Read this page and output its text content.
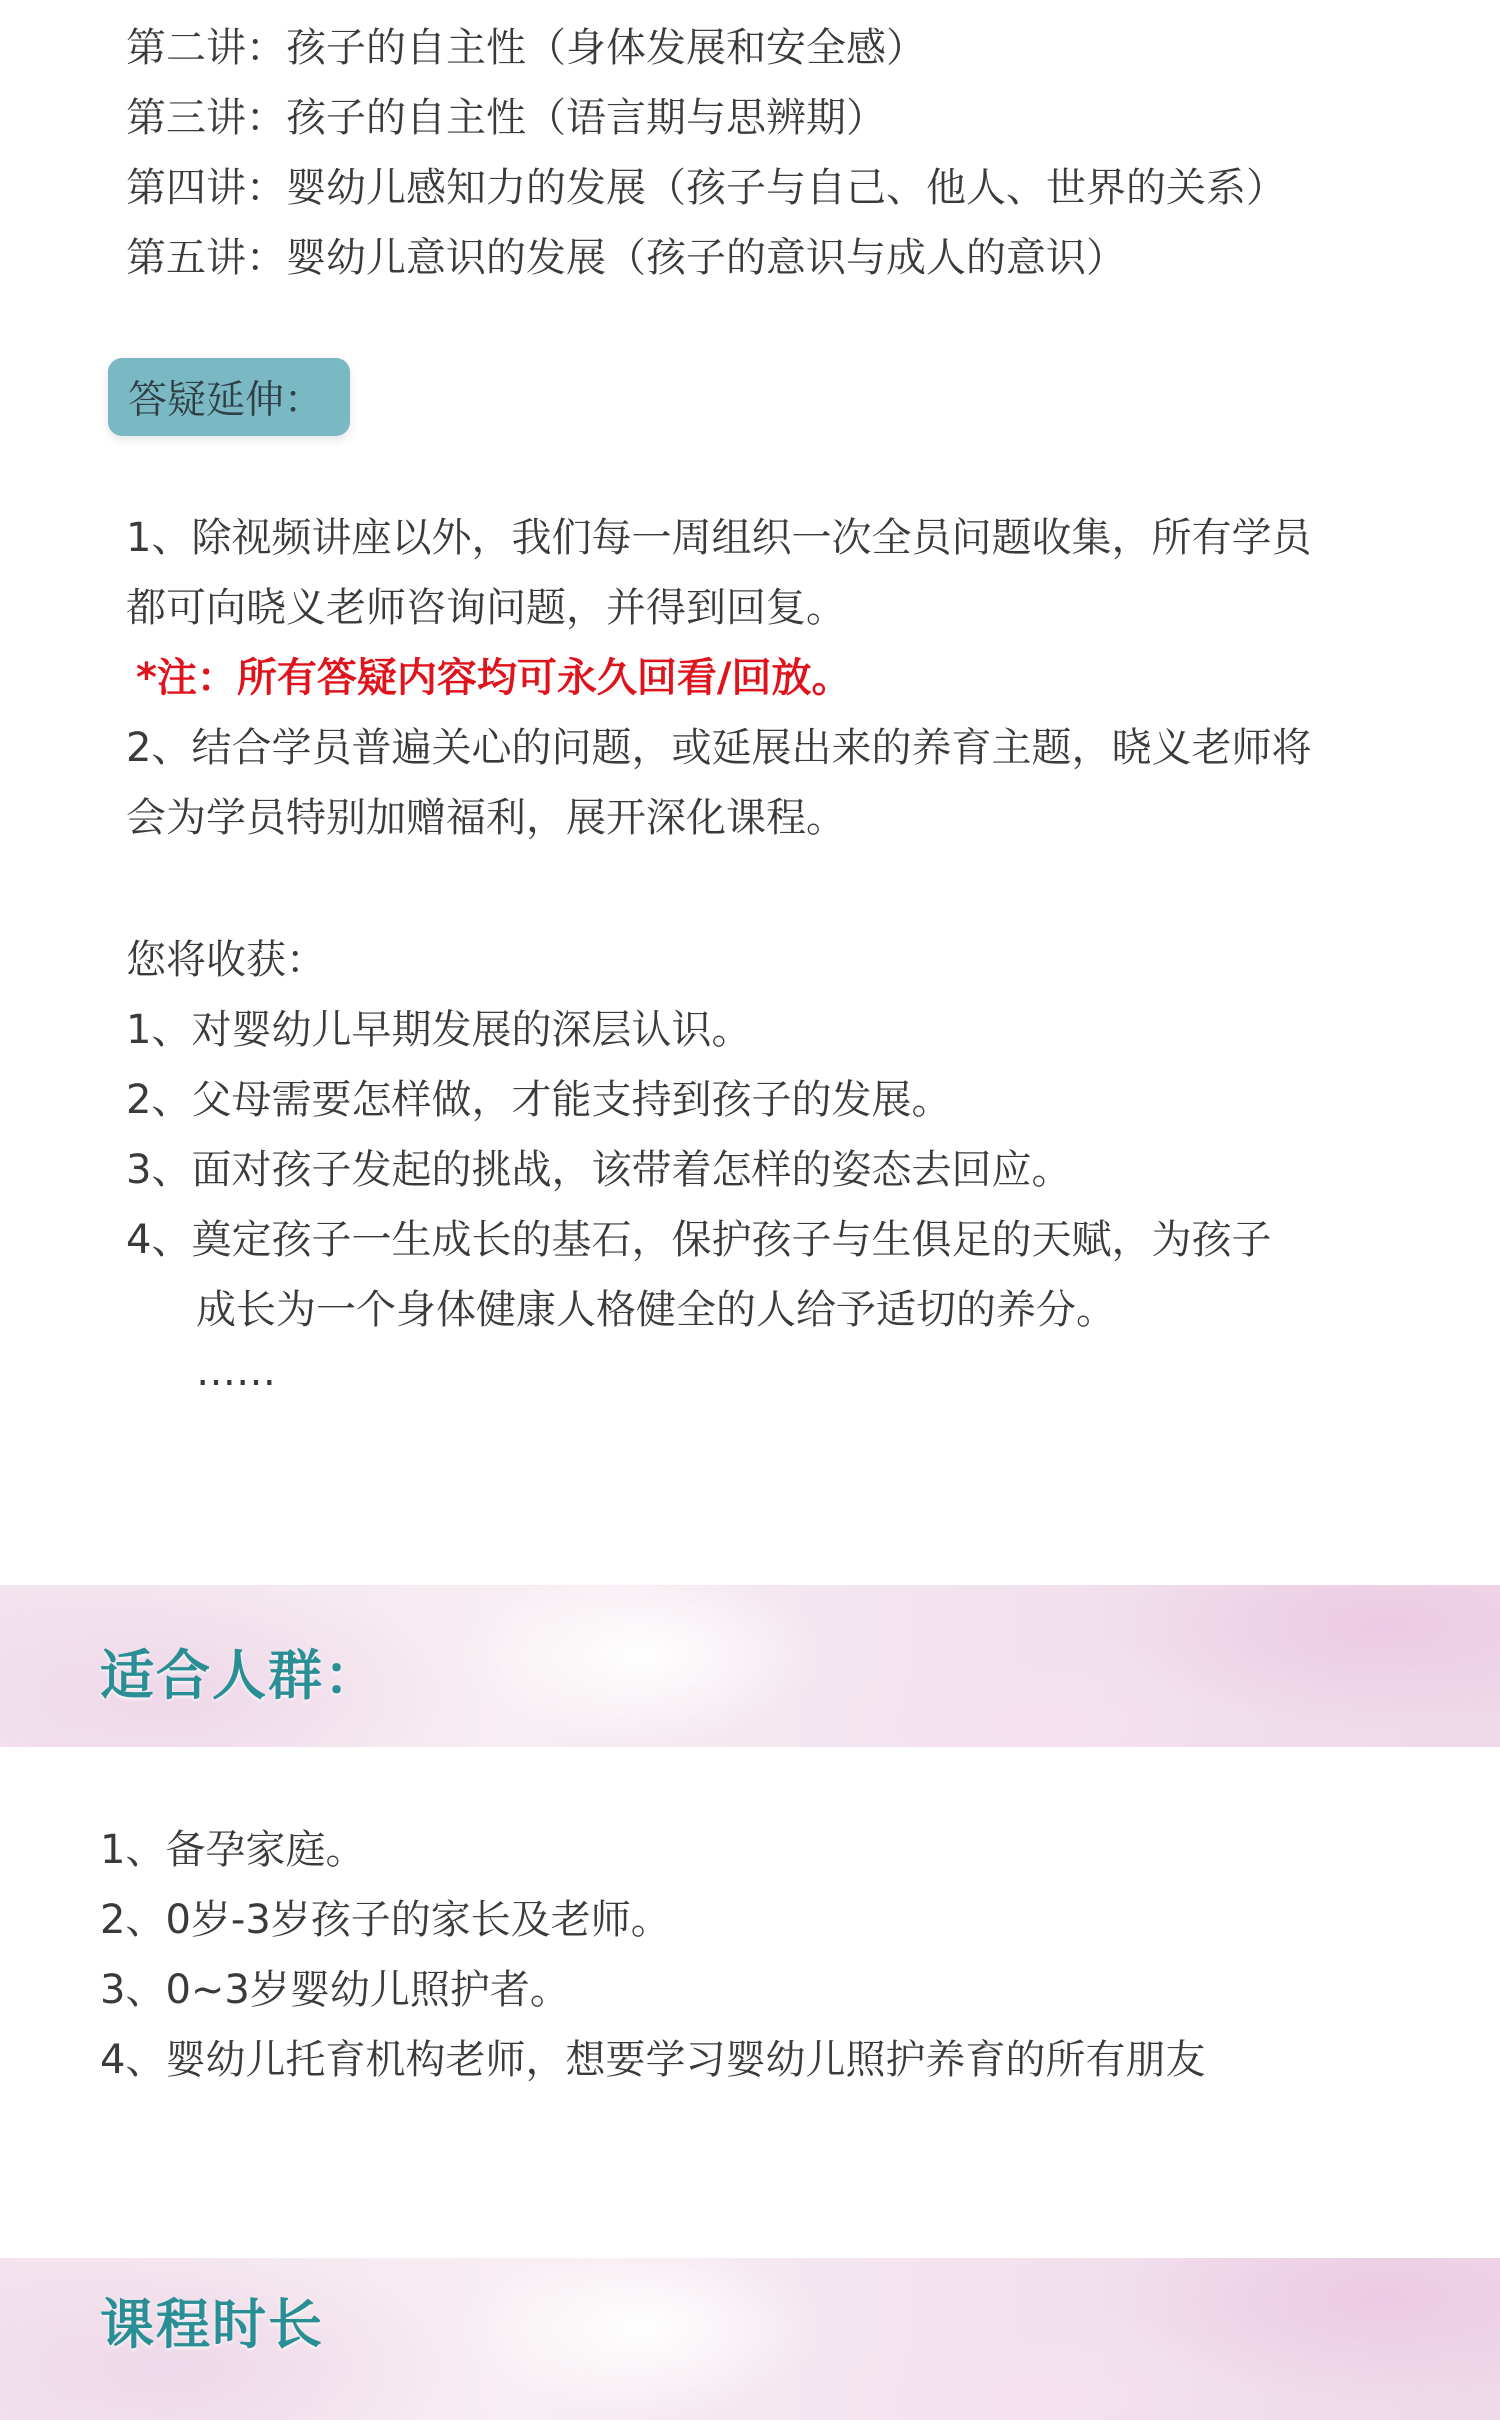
第二讲：孩子的自主性（身体发展和安全感）

第三讲：孩子的自主性（语言期与思辨期）

第四讲：婴幼儿感知力的发展（孩子与自己、他人、世界的关系）

第五讲：婴幼儿意识的发展（孩子的意识与成人的意识）

答疑延伸：

1、除视频讲座以外，我们每一周组织一次全员问题收集，所有学员

都可向晓义老师咨询问题，并得到回复。

*注：所有答疑内容均可永久回看/回放。

2、结合学员普遍关心的问题，或延展出来的养育主题，晓义老师将

会为学员特别加赠福利，展开深化课程。

您将收获：

1、对婴幼儿早期发展的深层认识。

2、父母需要怎样做，才能支持到孩子的发展。

3、面对孩子发起的挑战，该带着怎样的姿态去回应。

4、奠定孩子一生成长的基石，保护孩子与生俱足的天赋，为孩子

成长为一个身体健康人格健全的人给予适切的养分。

……

适合人群：

1、备孕家庭。

2、0岁-3岁孩子的家长及老师。

3、0~3岁婴幼儿照护者。

4、婴幼儿托育机构老师，想要学习婴幼儿照护养育的所有朋友

课程时长
